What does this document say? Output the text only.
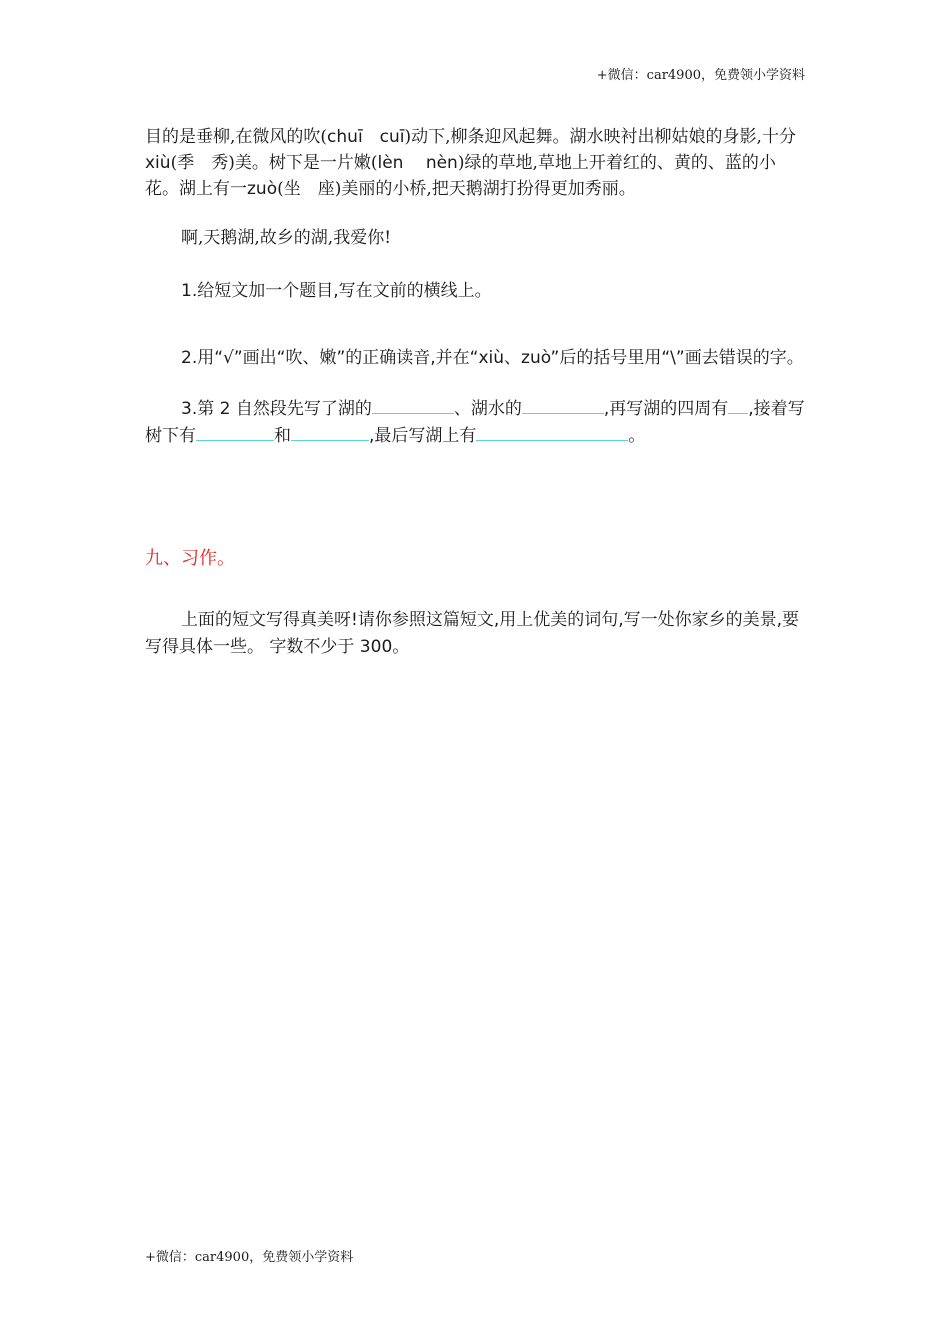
+微信：car4900，免费领小学资料

目的是垂柳,在微风的吹(chuī　cuī)动下,柳条迎风起舞。湖水映衬出柳姑娘的身影,十分xiù(季　秀)美。树下是一片嫩(lèn　 nèn)绿的草地,草地上开着红的、黄的、蓝的小花。湖上有一zuò(坐　座)美丽的小桥,把天鹅湖打扮得更加秀丽。

啊,天鹅湖,故乡的湖,我爱你!

1.给短文加一个题目,写在文前的横线上。

2.用“√”画出“吹、嫩”的正确读音,并在“xiù、zuò”后的括号里用“\”画去错误的字。

3.第 2 自然段先写了湖的	、湖水的	,再写湖的四周有 ,接着写树下有	和	,最后写湖上有	。

九、习作。

上面的短文写得真美呀!请你参照这篇短文,用上优美的词句,写一处你家乡的美景,要写得具体一些。 字数不少于 300。

+微信：car4900，免费领小学资料
